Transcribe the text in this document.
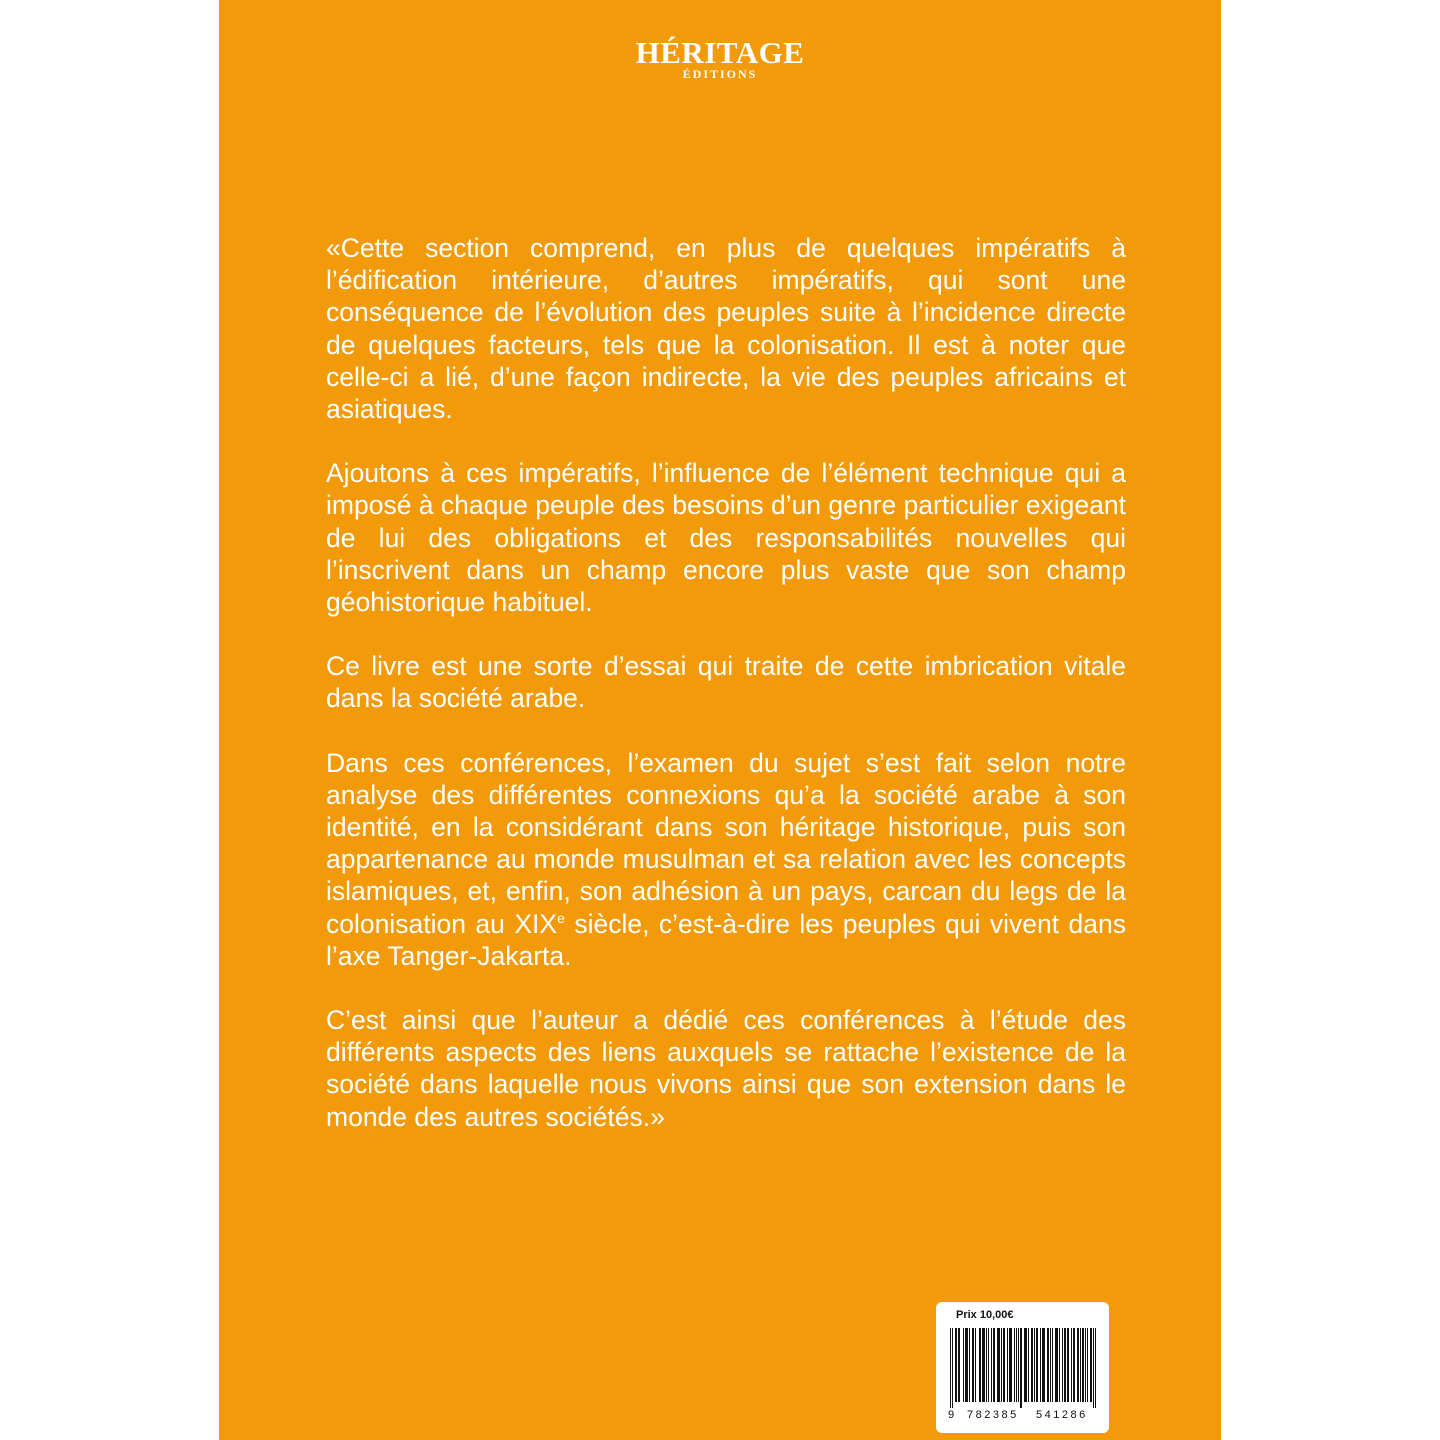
HÉRITAGE
ÉDITIONS

«Cette section comprend, en plus de quelques impératifs à l’édification intérieure, d’autres impératifs, qui sont une conséquence de l’évolution des peuples suite à l’incidence directe de quelques facteurs, tels que la colonisation. Il est à noter que celle-ci a lié, d’une façon indirecte, la vie des peuples africains et asiatiques.

Ajoutons à ces impératifs, l’influence de l’élément technique qui a imposé à chaque peuple des besoins d’un genre particulier exigeant de lui des obligations et des responsabilités nouvelles qui l’inscrivent dans un champ encore plus vaste que son champ géohistorique habituel.

Ce livre est une sorte d’essai qui traite de cette imbrication vitale dans la société arabe.

Dans ces conférences, l’examen du sujet s’est fait selon notre analyse des différentes connexions qu’a la société arabe à son identité, en la considérant dans son héritage historique, puis son appartenance au monde musulman et sa relation avec les concepts islamiques, et, enfin, son adhésion à un pays, carcan du legs de la colonisation au XIXe siècle, c’est-à-dire les peuples qui vivent dans l’axe Tanger-Jakarta.

C’est ainsi que l’auteur a dédié ces conférences à l’étude des différents aspects des liens auxquels se rattache l’existence de la société dans laquelle nous vivons ainsi que son extension dans le monde des autres sociétés.»

Prix 10,00€
9 782385 541286
